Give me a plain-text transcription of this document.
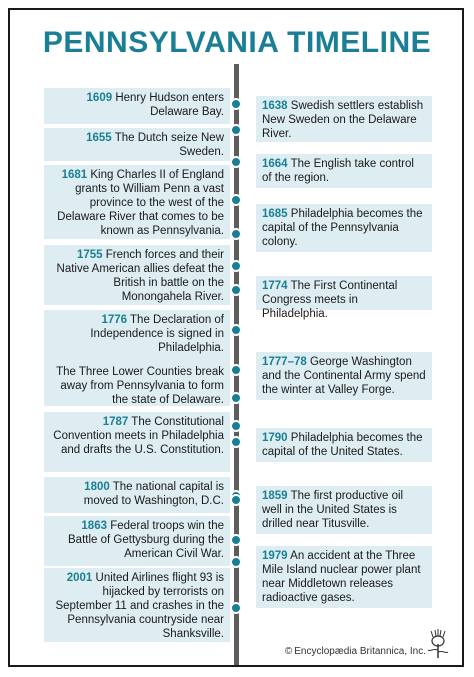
PENNSYLVANIA TIMELINE
1609 Henry Hudson enters Delaware Bay.
1655 The Dutch seize New Sweden.
1681 King Charles II of England grants to William Penn a vast province to the west of the Delaware River that comes to be known as Pennsylvania.
1755 French forces and their Native American allies defeat the British in battle on the Monongahela River.
1776 The Declaration of Independence is signed in Philadelphia.
The Three Lower Counties break away from Pennsylvania to form the state of Delaware.
1787 The Constitutional Convention meets in Philadelphia and drafts the U.S. Constitution.
1800 The national capital is moved to Washington, D.C.
1863 Federal troops win the Battle of Gettysburg during the American Civil War.
2001 United Airlines flight 93 is hijacked by terrorists on September 11 and crashes in the Pennsylvania countryside near Shanksville.
1638 Swedish settlers establish New Sweden on the Delaware River.
1664 The English take control of the region.
1685 Philadelphia becomes the capital of the Pennsylvania colony.
1774 The First Continental Congress meets in Philadelphia.
1777–78 George Washington and the Continental Army spend the winter at Valley Forge.
1790 Philadelphia becomes the capital of the United States.
1859 The first productive oil well in the United States is drilled near Titusville.
1979 An accident at the Three Mile Island nuclear power plant near Middletown releases radioactive gases.
© Encyclopædia Britannica, Inc.
